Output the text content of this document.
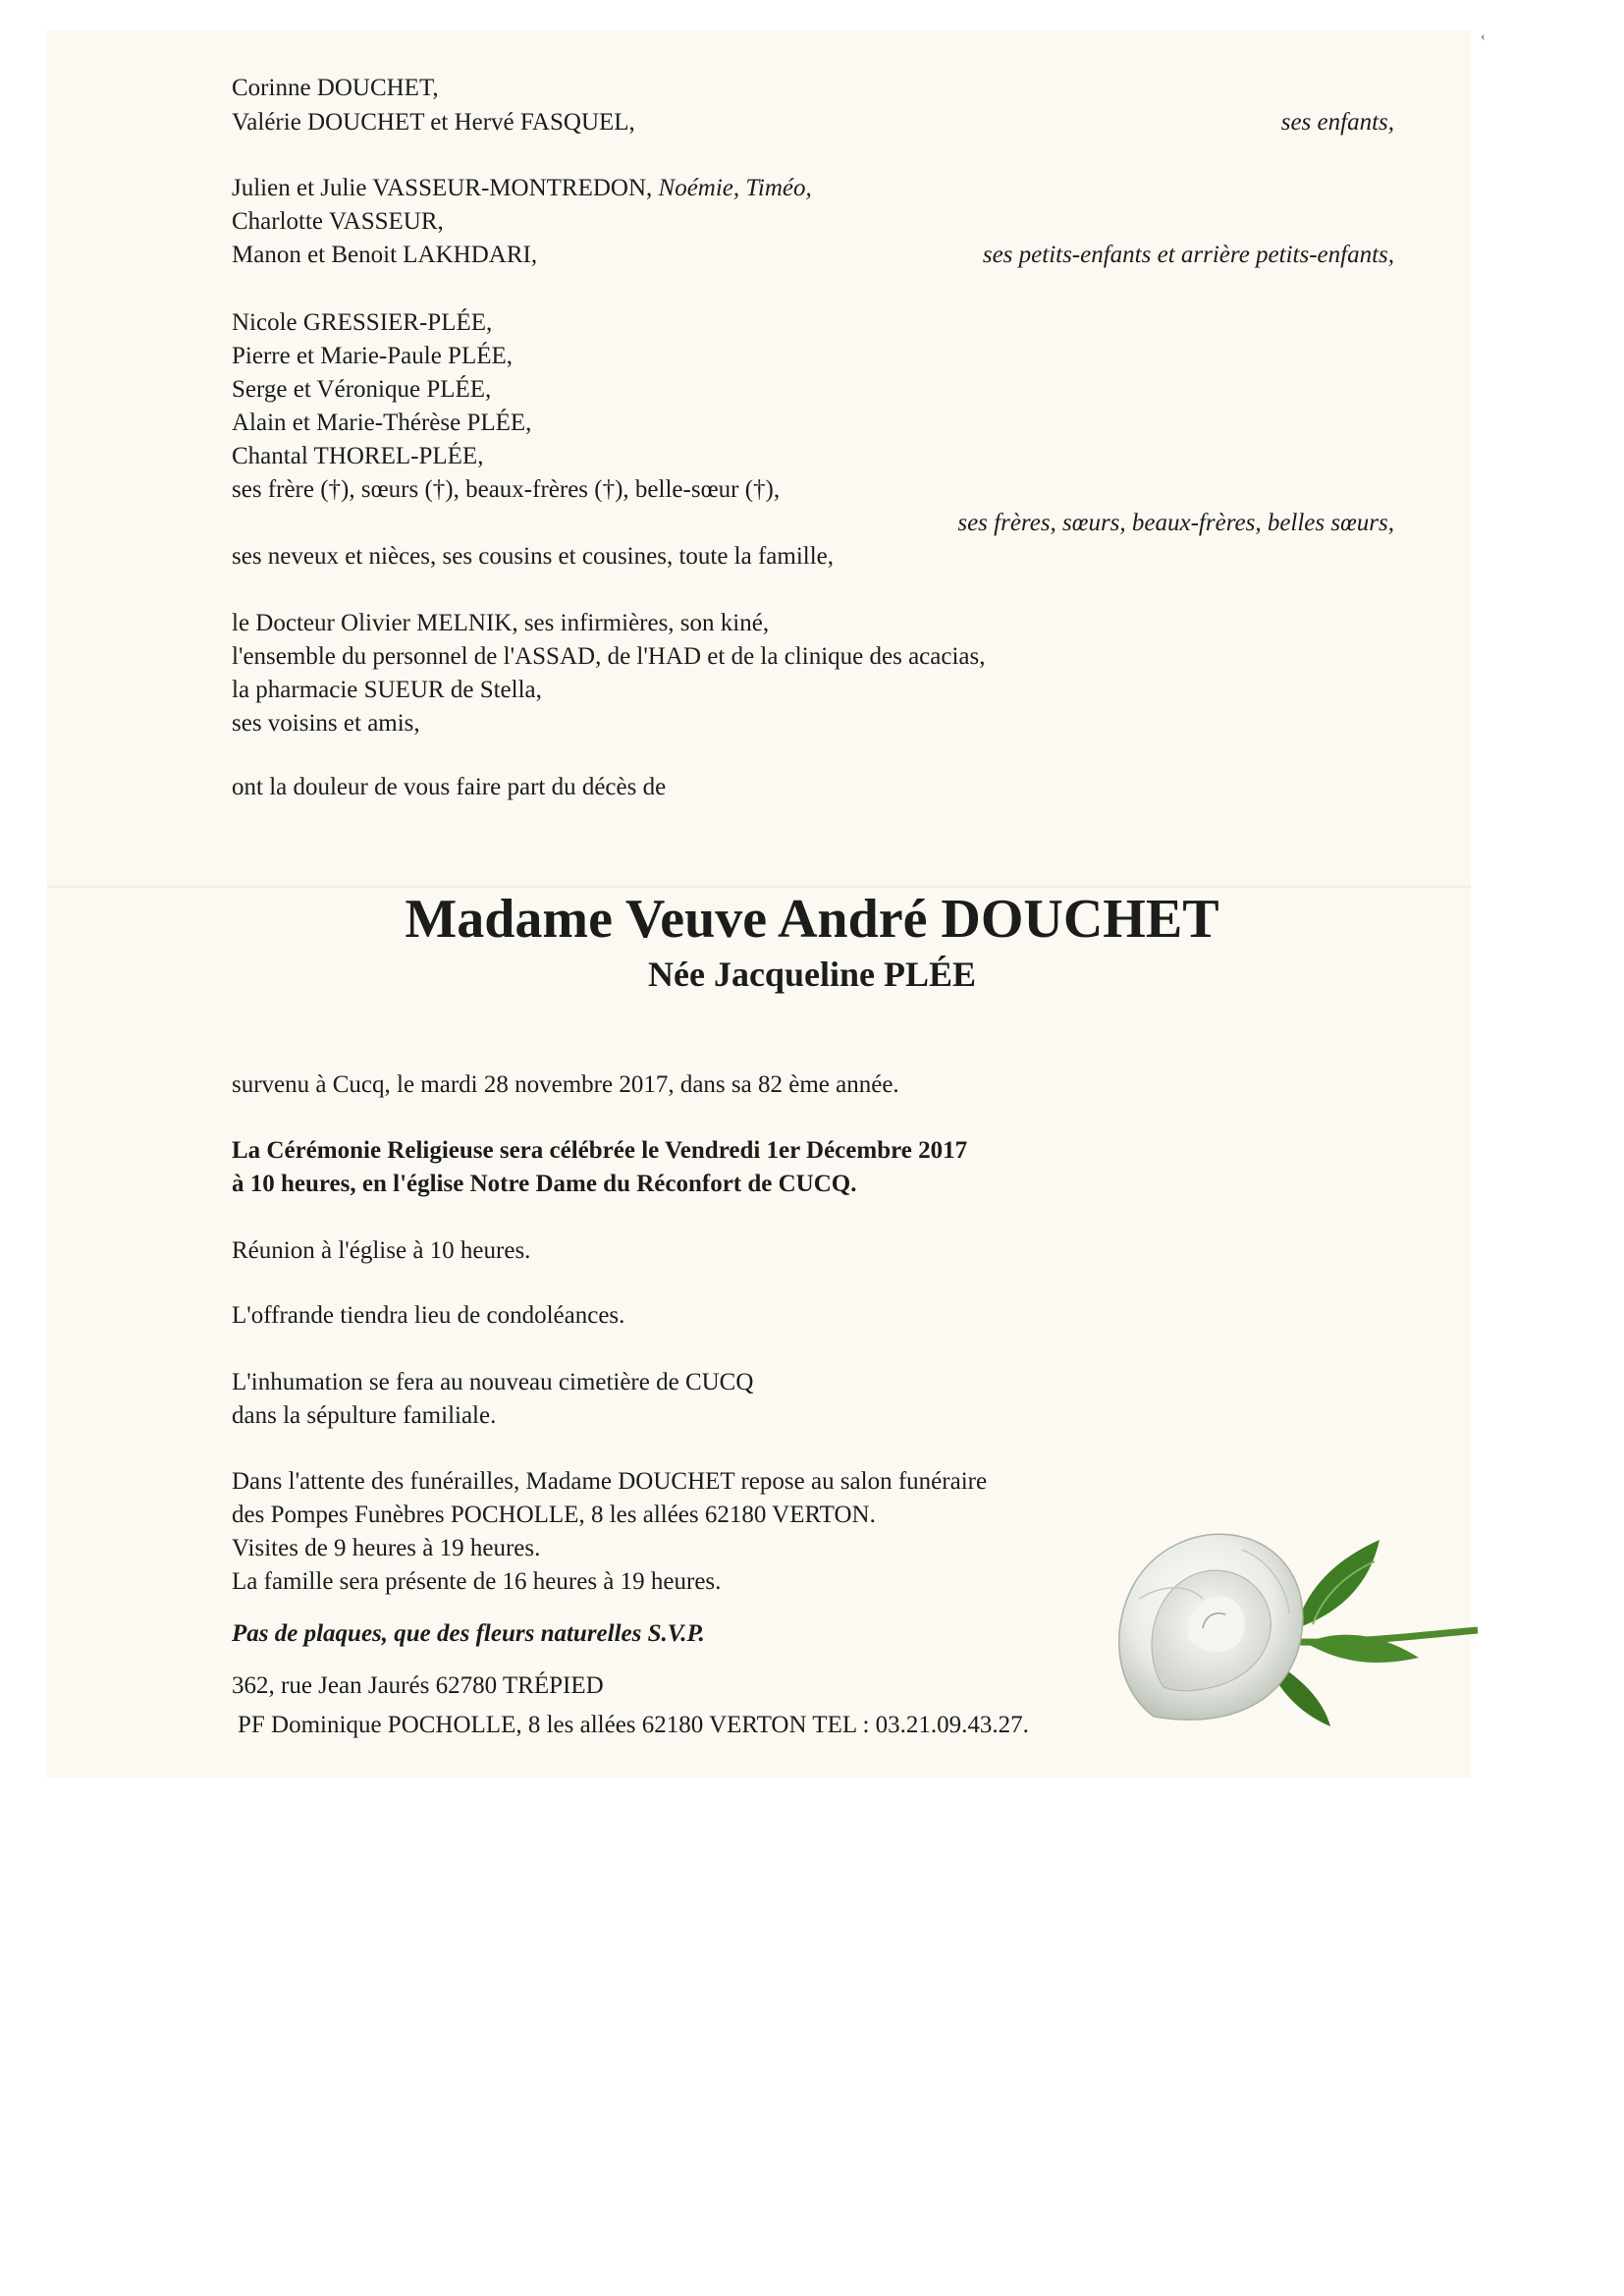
‹
Corinne DOUCHET,
Valérie DOUCHET et Hervé FASQUEL,	ses enfants,
Julien et Julie VASSEUR-MONTREDON, Noémie, Timéo,
Charlotte VASSEUR,
Manon et Benoit LAKHDARI,	ses petits-enfants et arrière petits-enfants,
Nicole GRESSIER-PLÉE,
Pierre et Marie-Paule PLÉE,
Serge et Véronique PLÉE,
Alain et Marie-Thérèse PLÉE,
Chantal THOREL-PLÉE,
ses frère (†), sœurs (†), beaux-frères (†), belle-sœur (†),
ses frères, sœurs, beaux-frères, belles sœurs,
ses neveux et nièces, ses cousins et cousines, toute la famille,
le Docteur Olivier MELNIK, ses infirmières, son kiné,
l'ensemble du personnel de l'ASSAD, de l'HAD et de la clinique des acacias,
la pharmacie SUEUR de Stella,
ses voisins et amis,
ont la douleur de vous faire part du décès de
Madame Veuve André DOUCHET
Née Jacqueline PLÉE
survenu à Cucq, le mardi 28 novembre 2017, dans sa 82 ème année.
La Cérémonie Religieuse sera célébrée le Vendredi 1er Décembre 2017
à 10 heures, en l'église Notre Dame du Réconfort de CUCQ.
Réunion à l'église à 10 heures.
L'offrande tiendra lieu de condoléances.
L'inhumation se fera au nouveau cimetière de CUCQ
dans la sépulture familiale.
Dans l'attente des funérailles, Madame DOUCHET repose au salon funéraire
des Pompes Funèbres POCHOLLE, 8 les allées 62180 VERTON.
Visites de 9 heures à 19 heures.
La famille sera présente de 16 heures à 19 heures.
Pas de plaques, que des fleurs naturelles S.V.P.
362, rue Jean Jaurés 62780 TRÉPIED
PF Dominique POCHOLLE, 8 les allées 62180 VERTON TEL : 03.21.09.43.27.
